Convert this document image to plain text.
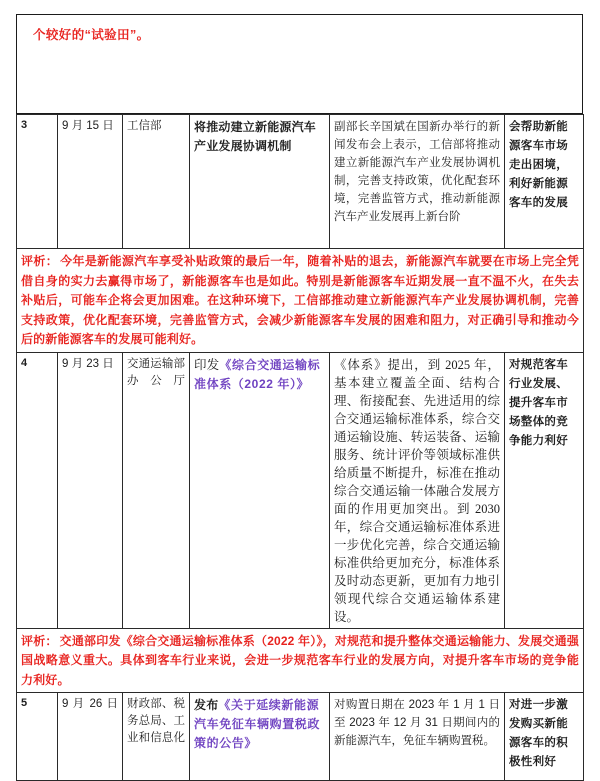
个较好的“试验田”。
3	9 月 15 日	工信部	将推动建立新能源汽车产业发展协调机制	副部长辛国斌在国新办举行的新闻发布会上表示，工信部将推动建立新能源汽车产业发展协调机制，完善支持政策，优化配套环境，完善监管方式，推动新能源汽车产业发展再上新台阶	会帮助新能源客车市场走出困境，利好新能源客车的发展

评析： 今年是新能源汽车享受补贴政策的最后一年，随着补贴的退去，新能源汽车就要在市场上完全凭借自身的实力去赢得市场了，新能源客车也是如此。特别是新能源客车近期发展一直不温不火，在失去补贴后，可能车企将会更加困难。在这种环境下，工信部推动建立新能源汽车产业发展协调机制，完善支持政策，优化配套环境，完善监管方式，会减少新能源客车发展的困难和阻力，对正确引导和推动今后的新能源客车的发展可能利好。					

4	9 月 23 日	交通运输部办公厅	印发《综合交通运输标准体系（2022 年）》	《体系》提出，到 2025 年，基本建立覆盖全面、结构合理、衔接配套、先进适用的综合交通运输标准体系，综合交通运输设施、转运装备、运输服务、统计评价等领域标准供给质量不断提升，标准在推动综合交通运输一体融合发展方面的作用更加突出。到 2030 年，综合交通运输标准体系进一步优化完善，综合交通运输标准供给更加充分，标准体系及时动态更新，更加有力地引领现代综合交通运输体系建设。	对规范客车行业发展、提升客车市场整体的竞争能力利好

评析： 交通部印发《综合交通运输标准体系（2022 年）》，对规范和提升整体交通运输能力、发展交通强国战略意义重大。具体到客车行业来说，会进一步规范客车行业的发展方向，对提升客车市场的竞争能力利好。					

5	9 月 26 日	财政部、税务总局、工业和信息化	发布《关于延续新能源汽车免征车辆购置税政策的公告》	对购置日期在 2023 年 1 月 1 日至 2023 年 12 月 31 日期间内的新能源汽车，免征车辆购置税。	对进一步激发购买新能源客车的积极性利好
